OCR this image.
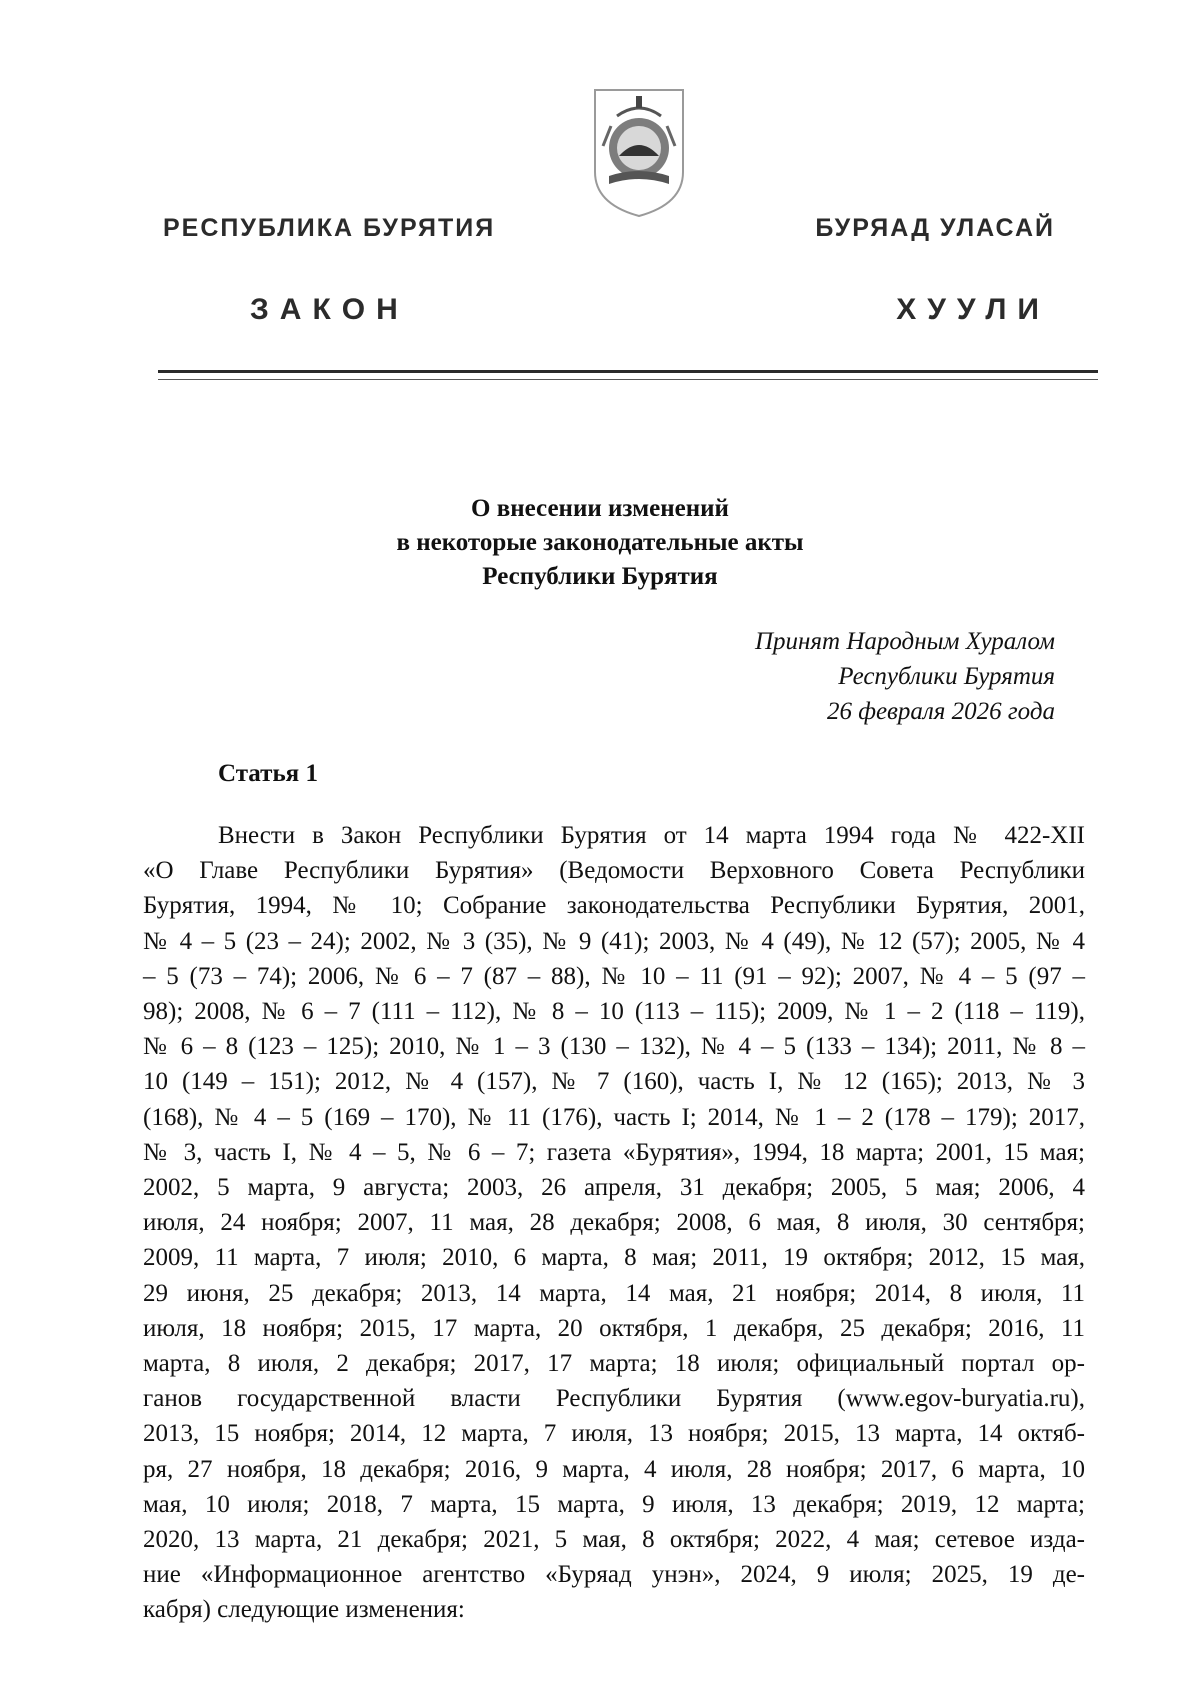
РЕСПУБЛИКА БУРЯТИЯ	БУРЯАД УЛАСАЙ
ЗАКОН	ХУУЛИ
О внесении изменений
в некоторые законодательные акты
Республики Бурятия
Принят Народным Хуралом
Республики Бурятия
26 февраля 2026 года
Статья 1
Внести в Закон Республики Бурятия от 14 марта 1994 года № 422-XII
«О Главе Республики Бурятия» (Ведомости Верховного Совета Республики
Бурятия, 1994, № 10; Собрание законодательства Республики Бурятия, 2001,
№ 4 – 5 (23 – 24); 2002, № 3 (35), № 9 (41); 2003, № 4 (49), № 12 (57); 2005, № 4
– 5 (73 – 74); 2006, № 6 – 7 (87 – 88), № 10 – 11 (91 – 92); 2007, № 4 – 5 (97 –
98); 2008, № 6 – 7 (111 – 112), № 8 – 10 (113 – 115); 2009, № 1 – 2 (118 – 119),
№ 6 – 8 (123 – 125); 2010, № 1 – 3 (130 – 132), № 4 – 5 (133 – 134); 2011, № 8 –
10 (149 – 151); 2012, № 4 (157), № 7 (160), часть I, № 12 (165); 2013, № 3
(168), № 4 – 5 (169 – 170), № 11 (176), часть I; 2014, № 1 – 2 (178 – 179); 2017,
№ 3, часть I, № 4 – 5, № 6 – 7; газета «Бурятия», 1994, 18 марта; 2001, 15 мая;
2002, 5 марта, 9 августа; 2003, 26 апреля, 31 декабря; 2005, 5 мая; 2006, 4
июля, 24 ноября; 2007, 11 мая, 28 декабря; 2008, 6 мая, 8 июля, 30 сентября;
2009, 11 марта, 7 июля; 2010, 6 марта, 8 мая; 2011, 19 октября; 2012, 15 мая,
29 июня, 25 декабря; 2013, 14 марта, 14 мая, 21 ноября; 2014, 8 июля, 11
июля, 18 ноября; 2015, 17 марта, 20 октября, 1 декабря, 25 декабря; 2016, 11
марта, 8 июля, 2 декабря; 2017, 17 марта; 18 июля; официальный портал ор-
ганов государственной власти Республики Бурятия (www.egov-buryatia.ru),
2013, 15 ноября; 2014, 12 марта, 7 июля, 13 ноября; 2015, 13 марта, 14 октяб-
ря, 27 ноября, 18 декабря; 2016, 9 марта, 4 июля, 28 ноября; 2017, 6 марта, 10
мая, 10 июля; 2018, 7 марта, 15 марта, 9 июля, 13 декабря; 2019, 12 марта;
2020, 13 марта, 21 декабря; 2021, 5 мая, 8 октября; 2022, 4 мая; сетевое изда-
ние «Информационное агентство «Буряад унэн», 2024, 9 июля; 2025, 19 де-
кабря) следующие изменения:
